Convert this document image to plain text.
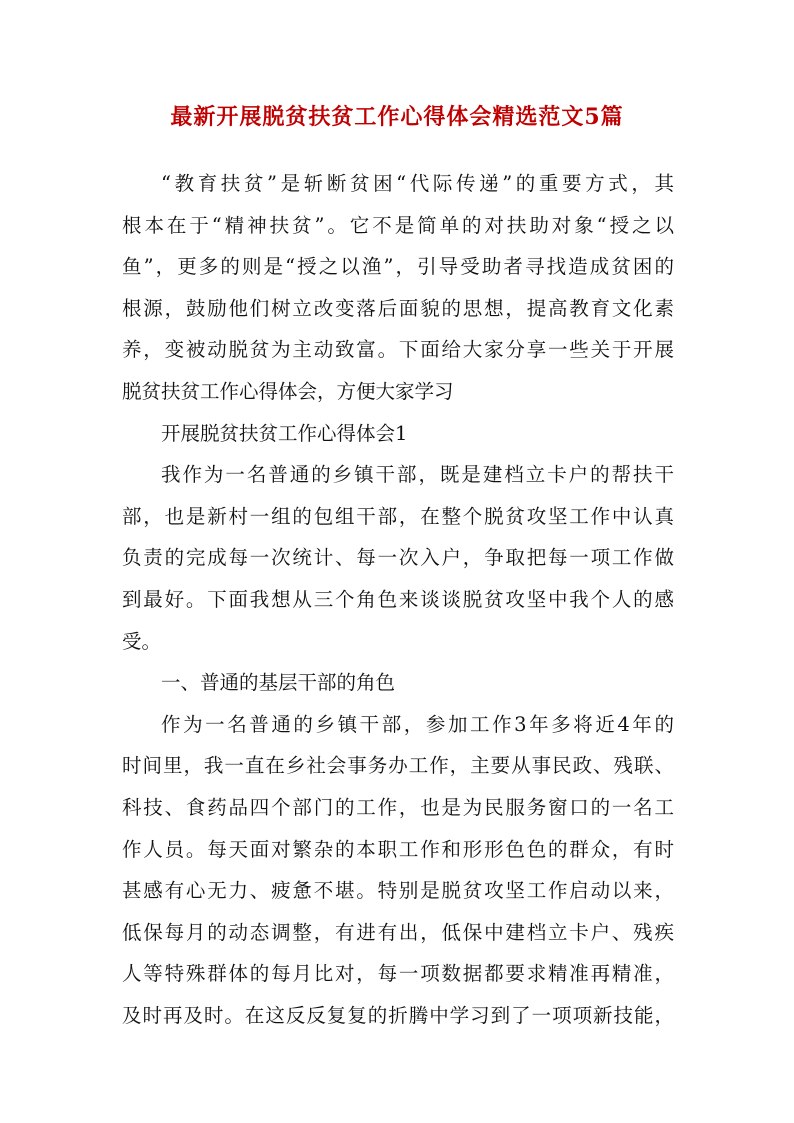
最新开展脱贫扶贫工作心得体会精选范文5篇
“教育扶贫”是斩断贫困“代际传递”的重要方式，其
根本在于“精神扶贫”。它不是简单的对扶助对象“授之以
鱼”，更多的则是“授之以渔”，引导受助者寻找造成贫困的
根源，鼓励他们树立改变落后面貌的思想，提高教育文化素
养，变被动脱贫为主动致富。下面给大家分享一些关于开展
脱贫扶贫工作心得体会，方便大家学习
开展脱贫扶贫工作心得体会1
我作为一名普通的乡镇干部，既是建档立卡户的帮扶干
部，也是新村一组的包组干部，在整个脱贫攻坚工作中认真
负责的完成每一次统计、每一次入户，争取把每一项工作做
到最好。下面我想从三个角色来谈谈脱贫攻坚中我个人的感
受。
一、普通的基层干部的角色
作为一名普通的乡镇干部，参加工作3年多将近4年的
时间里，我一直在乡社会事务办工作，主要从事民政、残联、
科技、食药品四个部门的工作，也是为民服务窗口的一名工
作人员。每天面对繁杂的本职工作和形形色色的群众，有时
甚感有心无力、疲惫不堪。特别是脱贫攻坚工作启动以来，
低保每月的动态调整，有进有出，低保中建档立卡户、残疾
人等特殊群体的每月比对，每一项数据都要求精准再精准，
及时再及时。在这反反复复的折腾中学习到了一项项新技能，
